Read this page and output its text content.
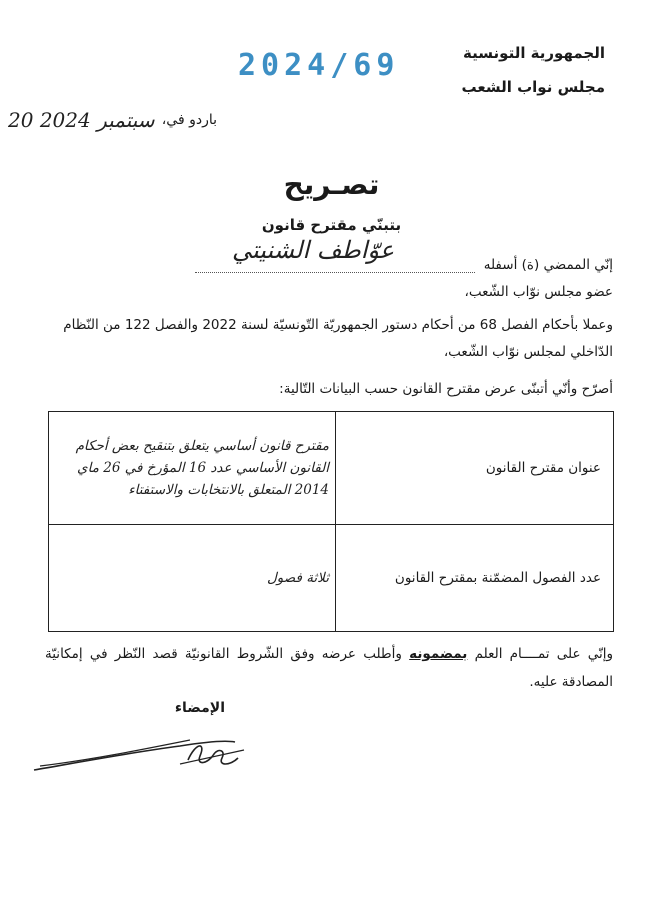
الجمهورية التونسية
مجلس نواب الشعب
2024/69
20 سبتمبر 2024 باردو في،
تصـريح
بتبنّي مقترح قانون
إنّي الممضي (ة) أسفله
عوّاطف الشنيتي
عضو مجلس نوّاب الشّعب،
وعملا بأحكام الفصل 68 من أحكام دستور الجمهوريّة التّونسيّة لسنة 2022 والفصل 122 من النّظام الدّاخلي لمجلس نوّاب الشّعب،
أصرّح وأنّي أتبنّى عرض مقترح القانون حسب البيانات التّالية:
عنوان مقترح القانون	مقترح قانون أساسي يتعلق بتنقيح بعض أحكام القانون الأساسي عدد 16 المؤرخ في 26 ماي 2014 المتعلق بالانتخابات والاستفتاء
عدد الفصول المضمّنة بمقترح القانون	ثلاثة فصول
وإنّي على تمــــام العلم بمضمونه وأطلب عرضه وفق الشّروط القانونيّة قصد النّظر في إمكانيّة المصادقة عليه.
الإمضاء
